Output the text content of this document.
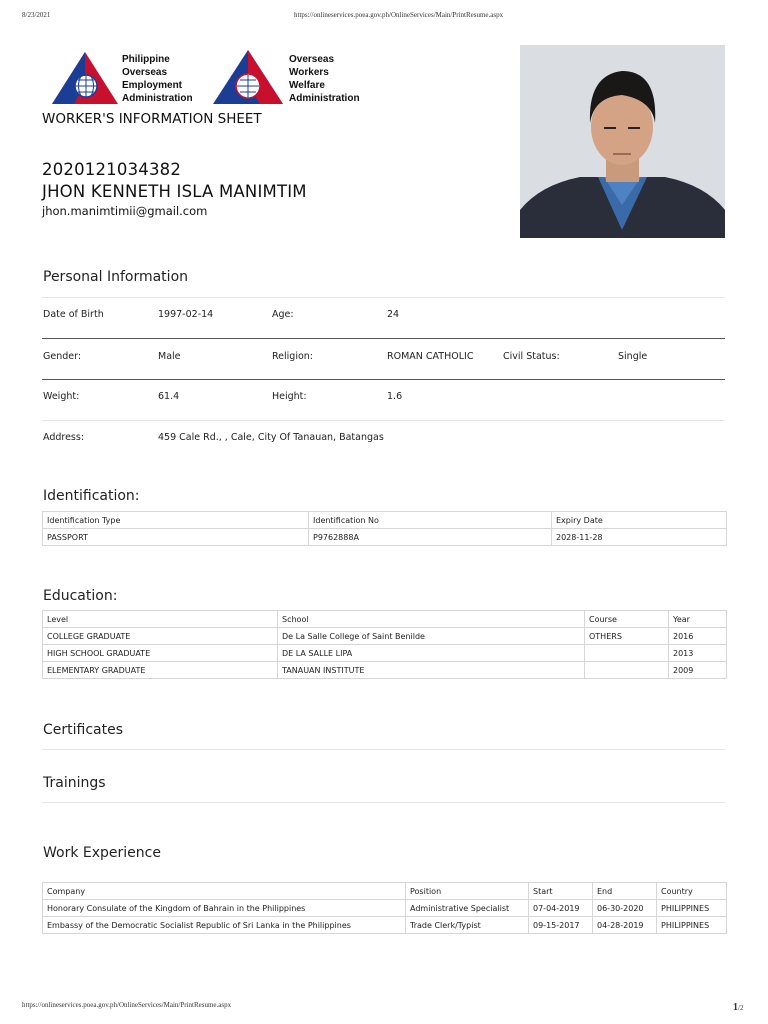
8/23/2021	https://onlineservices.poea.gov.ph/OnlineServices/Main/PrintResume.aspx
Philippine
Overseas
Employment
Administration
Overseas
Workers
Welfare
Administration
WORKER'S INFORMATION SHEET
2020121034382
JHON KENNETH ISLA MANIMTIM
jhon.manimtimii@gmail.com
Personal Information
Date of Birth	1997-02-14	Age:	24
Gender:	Male	Religion:	ROMAN CATHOLIC	Civil Status:	Single
Weight:	61.4	Height:	1.6
Address:	459 Cale Rd., , Cale, City Of Tanauan, Batangas
Identification:
Identification Type	Identification No	Expiry Date
PASSPORT	P9762888A	2028-11-28
Education:
Level	School	Course	Year
COLLEGE GRADUATE	De La Salle College of Saint Benilde	OTHERS	2016
HIGH SCHOOL GRADUATE	DE LA SALLE LIPA		2013
ELEMENTARY GRADUATE	TANAUAN INSTITUTE		2009
Certificates
Trainings
Work Experience
Company	Position	Start	End	Country
Honorary Consulate of the Kingdom of Bahrain in the Philippines	Administrative Specialist	07-04-2019	06-30-2020	PHILIPPINES
Embassy of the Democratic Socialist Republic of Sri Lanka in the Philippines	Trade Clerk/Typist	09-15-2017	04-28-2019	PHILIPPINES
https://onlineservices.poea.gov.ph/OnlineServices/Main/PrintResume.aspx	1/2
